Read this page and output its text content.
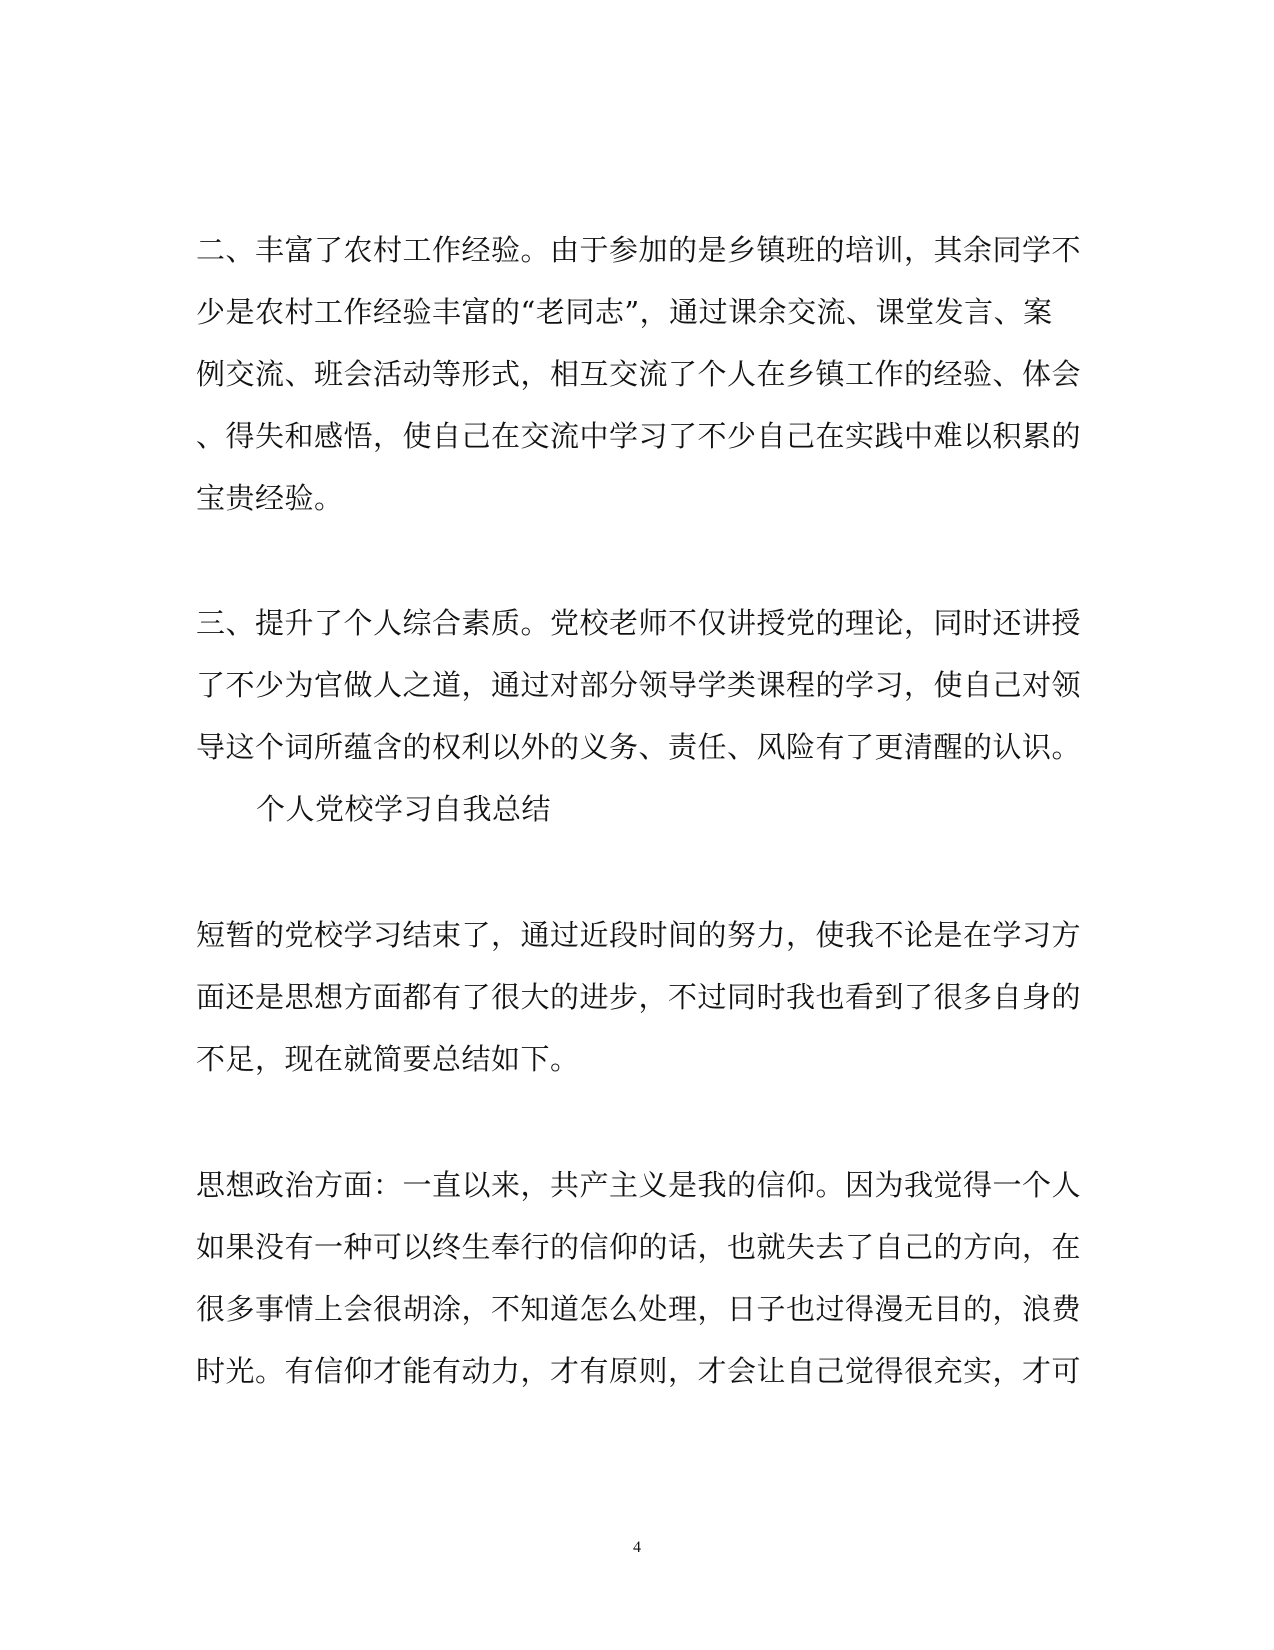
二、丰富了农村工作经验。由于参加的是乡镇班的培训，其余同学不
少是农村工作经验丰富的“老同志”，通过课余交流、课堂发言、案
例交流、班会活动等形式，相互交流了个人在乡镇工作的经验、体会
、得失和感悟，使自己在交流中学习了不少自己在实践中难以积累的
宝贵经验。
三、提升了个人综合素质。党校老师不仅讲授党的理论，同时还讲授
了不少为官做人之道，通过对部分领导学类课程的学习，使自己对领
导这个词所蕴含的权利以外的义务、责任、风险有了更清醒的认识。
个人党校学习自我总结
短暂的党校学习结束了，通过近段时间的努力，使我不论是在学习方
面还是思想方面都有了很大的进步，不过同时我也看到了很多自身的
不足，现在就简要总结如下。
思想政治方面：一直以来，共产主义是我的信仰。因为我觉得一个人
如果没有一种可以终生奉行的信仰的话，也就失去了自己的方向，在
很多事情上会很胡涂，不知道怎么处理，日子也过得漫无目的，浪费
时光。有信仰才能有动力，才有原则，才会让自己觉得很充实，才可
4
